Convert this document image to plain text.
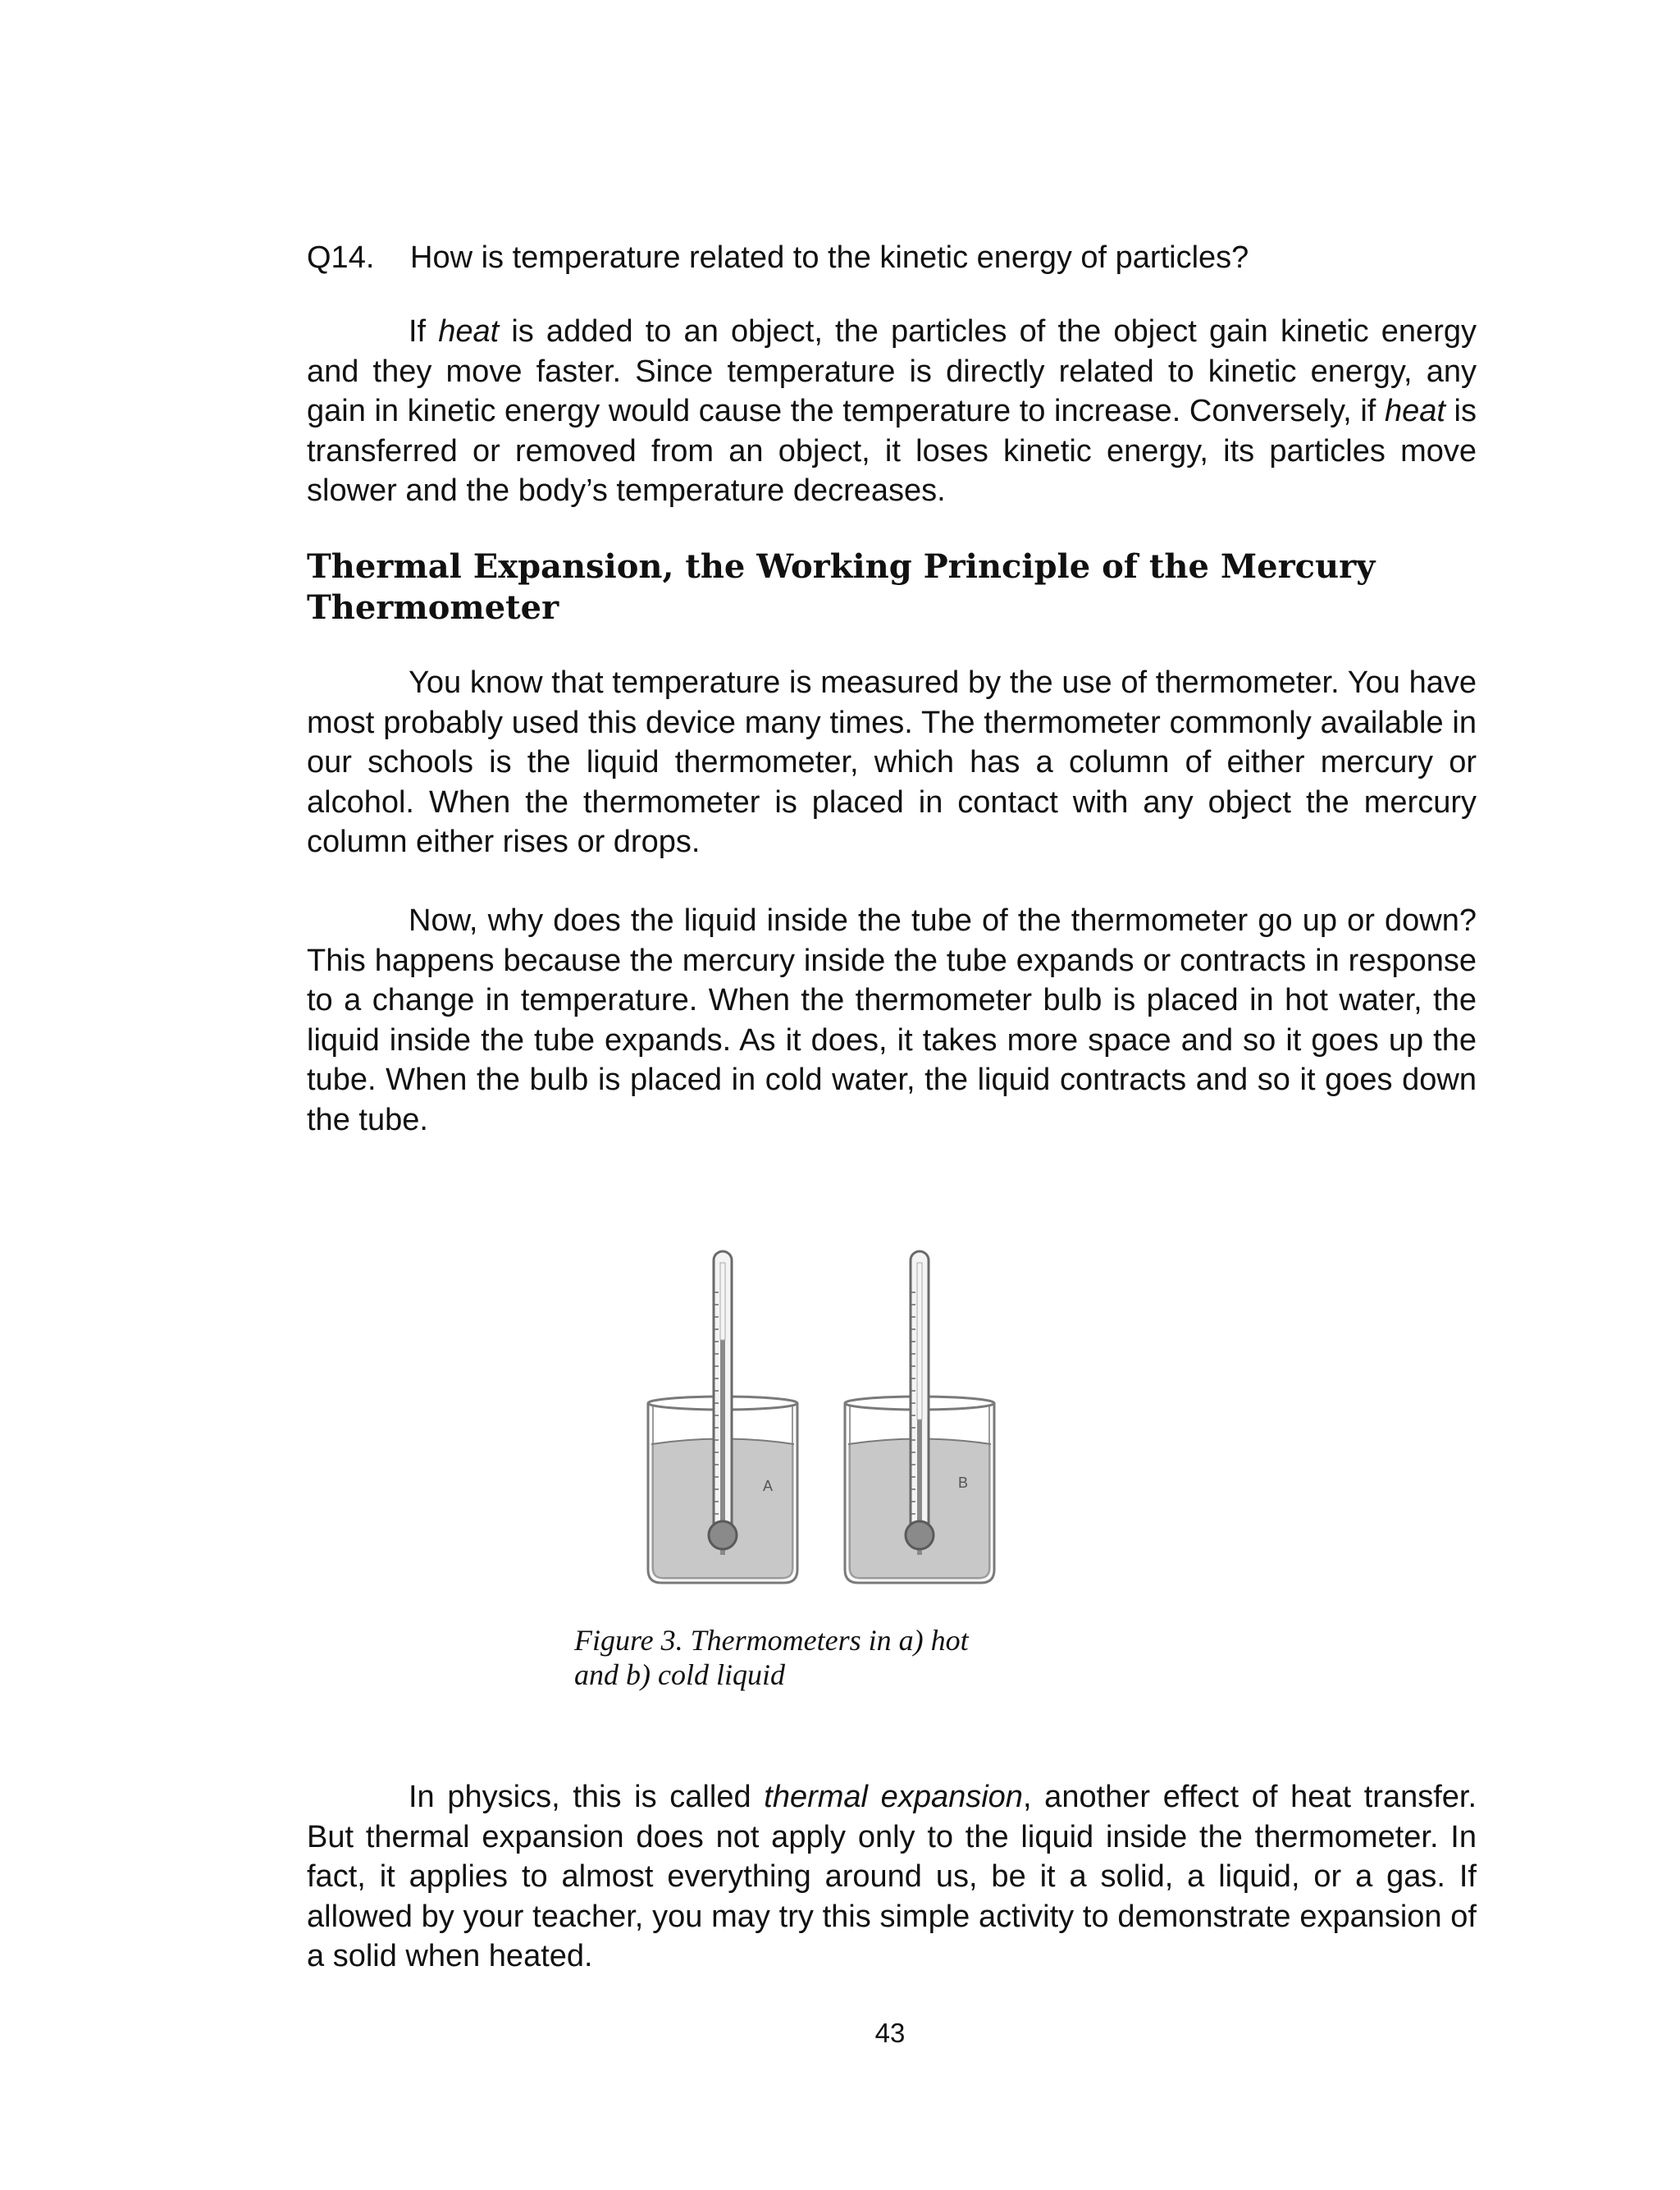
Q14. How is temperature related to the kinetic energy of particles?

If heat is added to an object, the particles of the object gain kinetic energy and they move faster. Since temperature is directly related to kinetic energy, any gain in kinetic energy would cause the temperature to increase. Conversely, if heat is transferred or removed from an object, it loses kinetic energy, its particles move slower and the body’s temperature decreases.

Thermal Expansion, the Working Principle of the Mercury Thermometer

You know that temperature is measured by the use of thermometer. You have most probably used this device many times. The thermometer commonly available in our schools is the liquid thermometer, which has a column of either mercury or alcohol. When the thermometer is placed in contact with any object the mercury column either rises or drops.

Now, why does the liquid inside the tube of the thermometer go up or down? This happens because the mercury inside the tube expands or contracts in response to a change in temperature. When the thermometer bulb is placed in hot water, the liquid inside the tube expands. As it does, it takes more space and so it goes up the tube. When the bulb is placed in cold water, the liquid contracts and so it goes down the tube.

A	B
Figure 3. Thermometers in a) hot
and b) cold liquid

In physics, this is called thermal expansion, another effect of heat transfer. But thermal expansion does not apply only to the liquid inside the thermometer. In fact, it applies to almost everything around us, be it a solid, a liquid, or a gas. If allowed by your teacher, you may try this simple activity to demonstrate expansion of a solid when heated.

43
